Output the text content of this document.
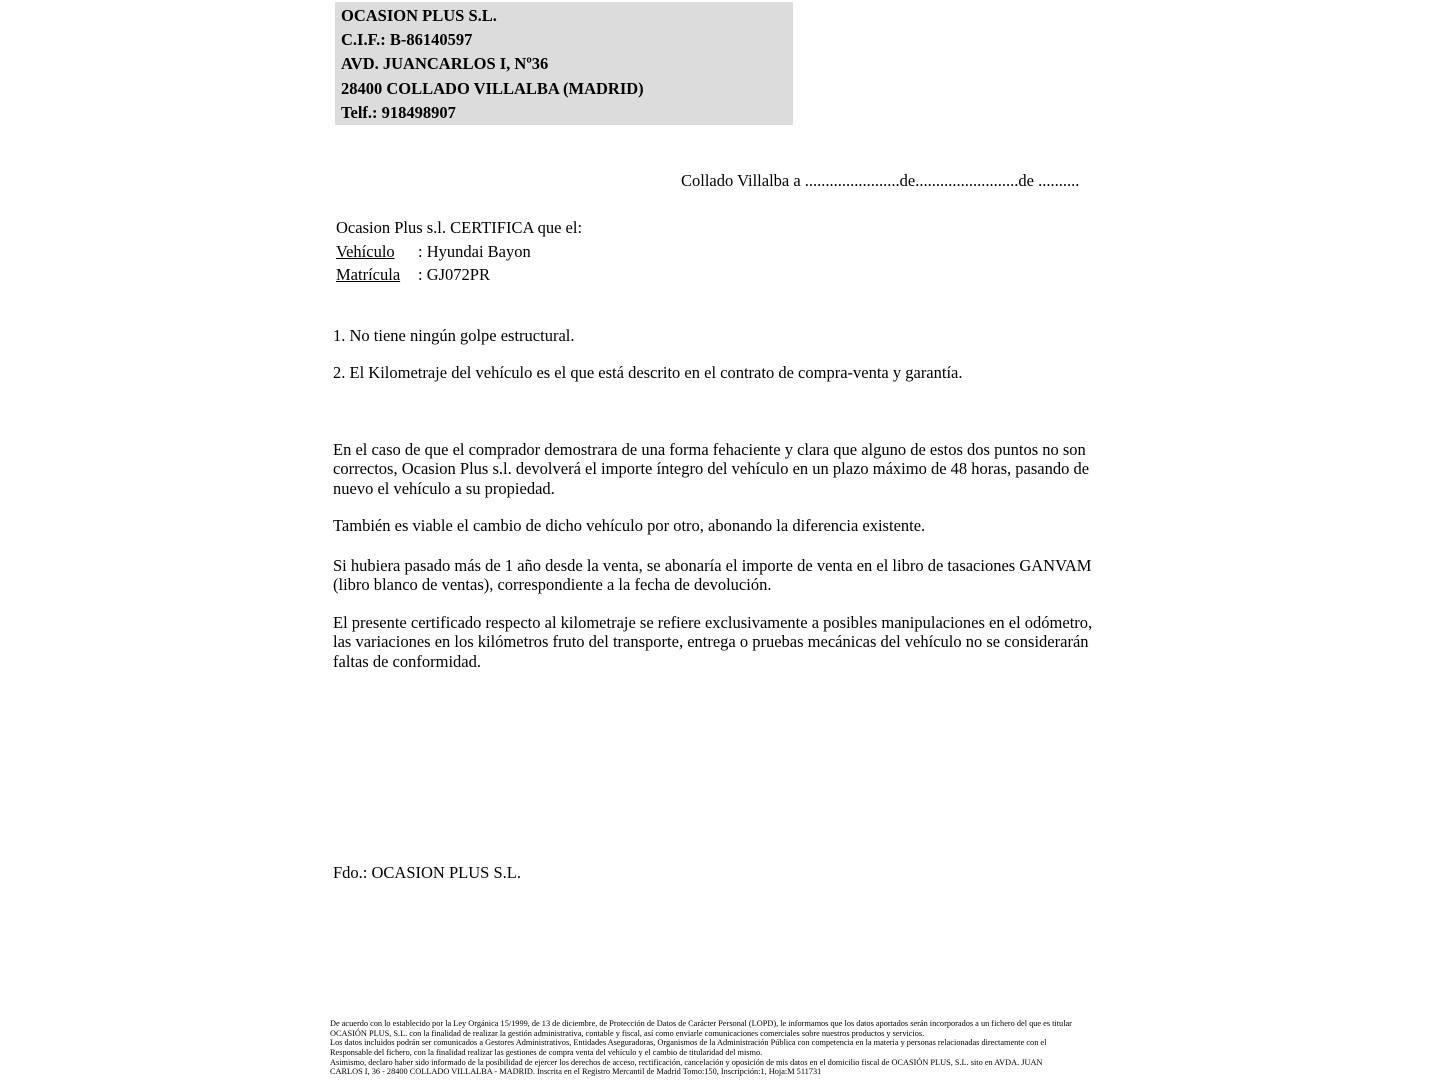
OCASION PLUS S.L.
C.I.F.: B-86140597
AVD. JUANCARLOS I, Nº36
28400 COLLADO VILLALBA (MADRID)
Telf.: 918498907
Collado Villalba a .......................de.........................de ..........
Ocasion Plus s.l. CERTIFICA que el:
Vehículo	: Hyundai Bayon
Matrícula	: GJ072PR
1. No tiene ningún golpe estructural.
2. El Kilometraje del vehículo es el que está descrito en el contrato de compra-venta y garantía.
En el caso de que el comprador demostrara de una forma fehaciente y clara que alguno de estos dos puntos no son correctos, Ocasion Plus s.l. devolverá el importe íntegro del vehículo en un plazo máximo de 48 horas, pasando de nuevo el vehículo a su propiedad.
También es viable el cambio de dicho vehículo por otro, abonando la diferencia existente.
Si hubiera pasado más de 1 año desde la venta, se abonaría el importe de venta en el libro de tasaciones GANVAM (libro blanco de ventas), correspondiente a la fecha de devolución.
El presente certificado respecto al kilometraje se refiere exclusivamente a posibles manipulaciones en el odómetro, las variaciones en los kilómetros fruto del transporte, entrega o pruebas mecánicas del vehículo no se considerarán faltas de conformidad.
Fdo.: OCASION PLUS S.L.
De acuerdo con lo establecido por la Ley Orgánica 15/1999, de 13 de diciembre, de Protección de Datos de Carácter Personal (LOPD), le informamos que los datos aportados serán incorporados a un fichero del que es titular
OCASIÓN PLUS, S.L. con la finalidad de realizar la gestión administrativa, contable y fiscal, así como enviarle comunicaciones comerciales sobre nuestros productos y servicios.
Los datos incluidos podrán ser comunicados a Gestores Administrativos, Entidades Aseguradoras, Organismos de la Administración Pública con competencia en la materia y personas relacionadas directamente con el
Responsable del fichero, con la finalidad realizar las gestiones de compra venta del vehículo y el cambio de titularidad del mismo.
Asimismo, declaro haber sido informado de la posibilidad de ejercer los derechos de acceso, rectificación, cancelación y oposición de mis datos en el domicilio fiscal de OCASIÓN PLUS, S.L. sito en AVDA. JUAN
CARLOS I, 36 - 28400 COLLADO VILLALBA - MADRID. Inscrita en el Registro Mercantil de Madrid Tomo:150, Inscripción:1, Hoja:M 511731
